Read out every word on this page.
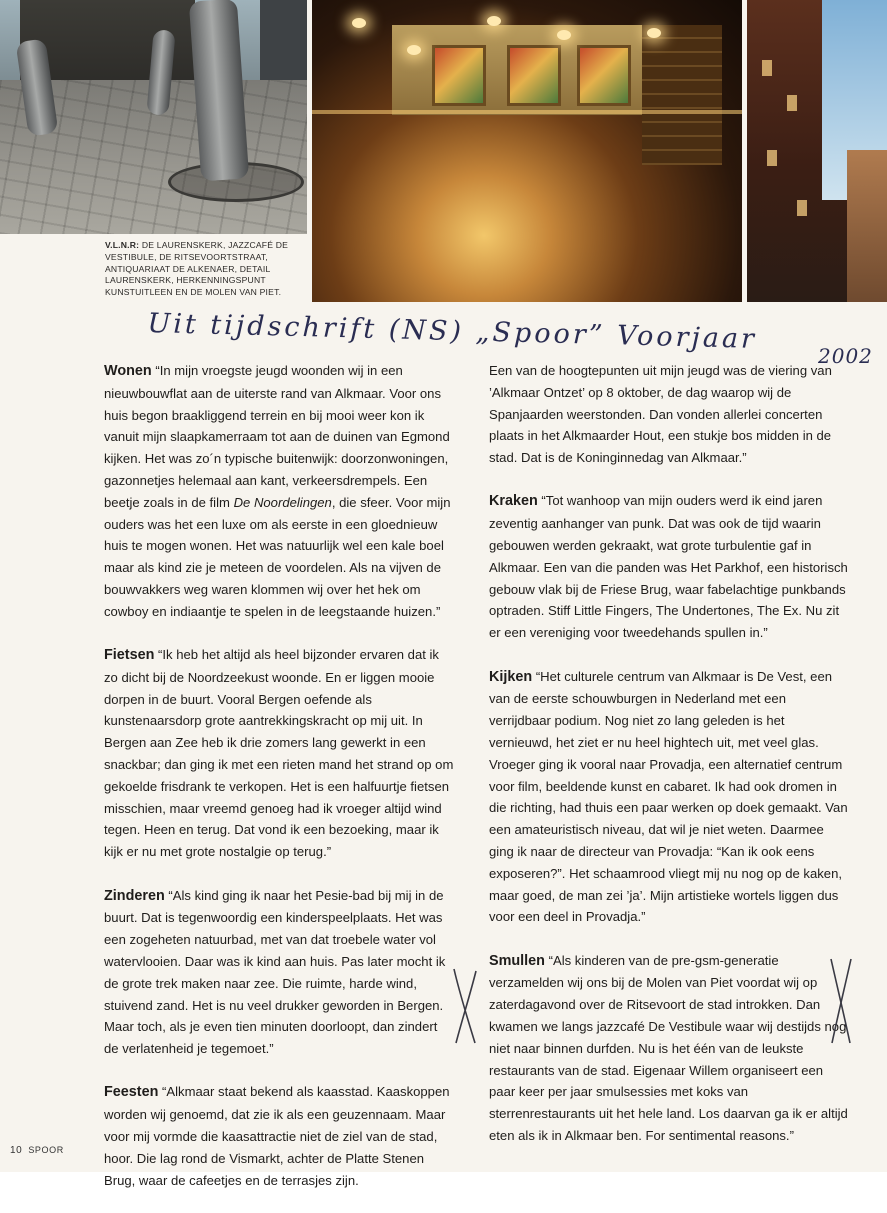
V.L.N.R: DE LAURENSKERK, JAZZCAFÉ DE VESTIBULE, DE RITSEVOORTSTRAAT, ANTIQUARIAAT DE ALKENAER, DETAIL LAURENSKERK, HERKENNINGSPUNT KUNSTUITLEEN EN DE MOLEN VAN PIET.
Uit tijdschrift (NS) „Spoor” Voorjaar
2002

Wonen “In mijn vroegste jeugd woonden wij in een nieuwbouwflat aan de uiterste rand van Alkmaar. Voor ons huis begon braakliggend terrein en bij mooi weer kon ik vanuit mijn slaapkamerraam tot aan de duinen van Egmond kijken. Het was zo´n typische buitenwijk: doorzonwoningen, gazonnetjes helemaal aan kant, verkeersdrempels. Een beetje zoals in de film De Noordelingen, die sfeer. Voor mijn ouders was het een luxe om als eerste in een gloednieuw huis te mogen wonen. Het was natuurlijk wel een kale boel maar als kind zie je meteen de voordelen. Als na vijven de bouwvakkers weg waren klommen wij over het hek om cowboy en indiaantje te spelen in de leegstaande huizen.”

Fietsen “Ik heb het altijd als heel bijzonder ervaren dat ik zo dicht bij de Noordzeekust woonde. En er liggen mooie dorpen in de buurt. Vooral Bergen oefende als kunstenaarsdorp grote aantrekkingskracht op mij uit. In Bergen aan Zee heb ik drie zomers lang gewerkt in een snackbar; dan ging ik met een rieten mand het strand op om gekoelde frisdrank te verkopen. Het is een halfuurtje fietsen misschien, maar vreemd genoeg had ik vroeger altijd wind tegen. Heen en terug. Dat vond ik een bezoeking, maar ik kijk er nu met grote nostalgie op terug.”

Zinderen “Als kind ging ik naar het Pesie-bad bij mij in de buurt. Dat is tegenwoordig een kinderspeelplaats. Het was een zogeheten natuurbad, met van dat troebele water vol watervlooien. Daar was ik kind aan huis. Pas later mocht ik de grote trek maken naar zee. Die ruimte, harde wind, stuivend zand. Het is nu veel drukker geworden in Bergen. Maar toch, als je even tien minuten doorloopt, dan zindert de verlatenheid je tegemoet.”

Feesten “Alkmaar staat bekend als kaasstad. Kaaskoppen worden wij genoemd, dat zie ik als een geuzennaam. Maar voor mij vormde die kaasattractie niet de ziel van de stad, hoor. Die lag rond de Vismarkt, achter de Platte Stenen Brug, waar de cafeetjes en de terrasjes zijn.

Een van de hoogtepunten uit mijn jeugd was de viering van ’Alkmaar Ontzet’ op 8 oktober, de dag waarop wij de Spanjaarden weerstonden. Dan vonden allerlei concerten plaats in het Alkmaarder Hout, een stukje bos midden in de stad. Dat is de Koninginnedag van Alkmaar.”

Kraken “Tot wanhoop van mijn ouders werd ik eind jaren zeventig aanhanger van punk. Dat was ook de tijd waarin gebouwen werden gekraakt, wat grote turbulentie gaf in Alkmaar. Een van die panden was Het Parkhof, een historisch gebouw vlak bij de Friese Brug, waar fabelachtige punkbands optraden. Stiff Little Fingers, The Undertones, The Ex. Nu zit er een vereniging voor tweedehands spullen in.”

Kijken “Het culturele centrum van Alkmaar is De Vest, een van de eerste schouwburgen in Nederland met een verrijdbaar podium. Nog niet zo lang geleden is het vernieuwd, het ziet er nu heel hightech uit, met veel glas. Vroeger ging ik vooral naar Provadja, een alternatief centrum voor film, beeldende kunst en cabaret. Ik had ook dromen in die richting, had thuis een paar werken op doek gemaakt. Van een amateuristisch niveau, dat wil je niet weten. Daarmee ging ik naar de directeur van Provadja: “Kan ik ook eens exposeren?”. Het schaamrood vliegt mij nu nog op de kaken, maar goed, de man zei ’ja’. Mijn artistieke wortels liggen dus voor een deel in Provadja.”

Smullen “Als kinderen van de pre-gsm-generatie verzamelden wij ons bij de Molen van Piet voordat wij op zaterdagavond over de Ritsevoort de stad introkken. Dan kwamen we langs jazzcafé De Vestibule waar wij destijds nog niet naar binnen durfden. Nu is het één van de leukste restaurants van de stad. Eigenaar Willem organiseert een paar keer per jaar smulsessies met koks van sterrenrestaurants uit het hele land. Los daarvan ga ik er altijd eten als ik in Alkmaar ben. For sentimental reasons.”

10 SPOOR
